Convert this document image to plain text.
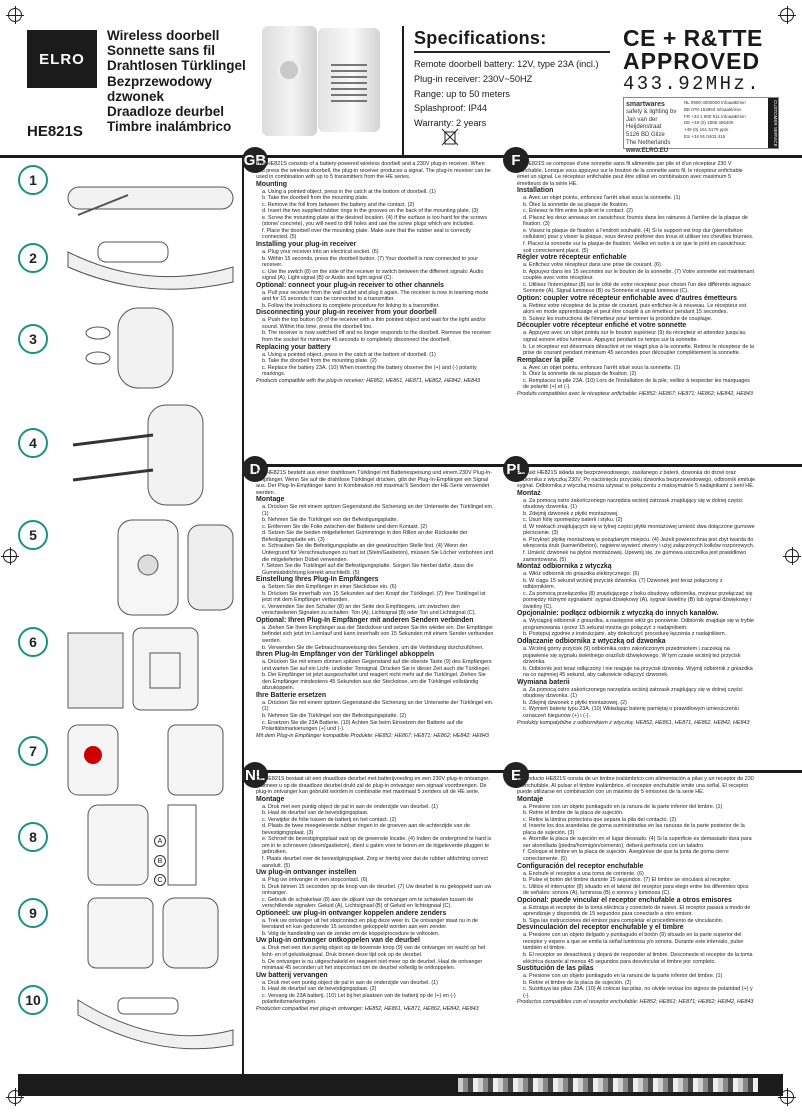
ELRO
Wireless doorbell
Sonnette sans fil
Drahtlosen Türklingel
Bezprzewodowy dzwonek
Draadloze deurbel
Timbre inalámbrico
HE821S
Specifications:
Remote doorbell battery: 12V, type 23A (incl.)
Plug-in receiver: 230V~50HZ
Range: up to 50 meters
Splashproof: IP44
Warranty: 2 years
CE + R&TTE
APPROVED
433.92MHz.
smartwares
safety & lighting bv
Jan van der Heijdenstraat
5126 BD Gilze
The Netherlands
www.ELRO.EU
NL 0900-4000000 Infoaal€/min
BE 078-153893 Infoaal€/min
FR +33 1 800 911 Infoaal€/min
DE +49 (0) 1805 455400
+49 (0) 161 5170 ppm
ES +34 91 0403 415	CUSTOMER SERVICE
GB	F
D	PL
NL	E
1
2
3
4
5
6
7
8
9
10
A
B
C

The HE821S consists of a battery-powered wireless doorbell and a 230V plug-in receiver. When you press the wireless doorbell, the plug-in receiver produces a signal. The plug-in receiver can be used in combination with up to 5 transmitters from the HE series.

Mounting

a. Using a pointed object, press in the catch at the bottom of doorbell. (1)

b. Take the doorbell from the mounting plate.

c. Remove the foil from between the battery and the contact. (2)

d. Insert the two supplied rubber rings in the grooves on the back of the mounting plate. (3)

e. Screw the mounting plate at the desired location. (4) If the surface is too hard for the screws (stone/ concrete), you will need to drill holes and use the screw plugs which are included.

f. Place the doorbell over the mounting plate. Make sure that the rubber seal is correctly connected. (5)

Installing your plug-in receiver

a. Plug your receiver into an electrical socket. (6)

b. Within 15 seconds, press the doorbell button. (7) Your doorbell is now connected to your receiver.

c. Use the switch (8) on the side of the receiver to switch between the different signals: Audio signal (A), Light signal (B) or Audio and light signal (C).

Optional: connect your plug-in receiver to other channels

a. Pull your receiver from the wall outlet and plug it again. The receiver is now in learning mode and for 15 seconds it can be connected to a transmitter.

b. Follow the instructions to complete procedure for linking to a transmitter.

Disconnecting your plug-in receiver from your doorbell

a. Push the top button (9) of the receiver with a thin pointed object and wait for the light and/or sound. Within this time, press the doorbell too.

b. The receiver is now switched off and no longer responds to the doorbell. Remove the receiver from the socket for minimum 45 seconds to completely disconnect the doorbell.

Replacing your battery

a. Using a pointed object, press in the catch at the bottom of doorbell. (1)

b. Take the doorbell from the mounting plate. (2)

c. Replace the battery 23A. (10) When inserting the battery observe the (+) and (-) polarity markings.

Products compatible with the plug-in receiver: HE852, HE861, HE871, HE862, HE842, HE843

Le HE821S se compose d'une sonnette sans fil alimentée par pile et d'un récepteur 230 V enfichable. Lorsque vous appuyez sur le bouton de la sonnette sans fil, le récepteur enfichable émet un signal. Le récepteur enfichable peut être utilisé en combinaison avec maximum 5 émetteurs de la série HE.

Installation

a. Avec un objet pointu, enfoncez l'arrêt situé sous la sonnette. (1)

b. Ôtez la sonnette de sa plaque de fixation.

c. Enlevez le film entre la pile et le contact. (2)

d. Placez les deux anneaux en caoutchouc fournis dans les rainures à l'arrière de la plaque de fixation. (3)

e. Vissez la plaque de fixation à l'endroit souhaité. (4) Si le support est trop dur (pierre/béton cellulaire) pour y visser la plaque, vous devrez préforer des trous et utiliser les chevilles fournies.

f. Placez la sonnette sur la plaque de fixation. Veillez en outre à ce que le joint en caoutchouc soit correctement placé. (5)

Régler votre récepteur enfichable

a. Enfichez votre récepteur dans une prise de courant. (6)

b. Appuyez dans les 15 secondes sur le bouton de la sonnette. (7) Votre sonnette est maintenant couplée avec votre récepteur.

c. Utilisez l'interrupteur (8) sur le côté de votre récepteur pour choisir l'un des différents signaux: Sonnerie (A), Signal lumineux (B) ou Sonnerie et signal lumineux (C).

Option: coupler votre récepteur enfichable avec d'autres émetteurs

a. Retirez votre récepteur de la prise de courant, puis enfichez-le à nouveau. Le récepteur est alors en mode apprentissage et peut être couplé à un émetteur pendant 15 secondes.

b. Suivez les instructions de l'émetteur pour terminer la procédure de couplage.

Découpler votre récepteur enfiché et votre sonnette

a. Appuyez avec un objet pointu sur le bouton supérieur (9) du récepteur et attendez jusqu'au signal sonore et/ou lumineux. Appuyez pendant ce temps sur la sonnette.

b. Le récepteur est désormais désactivé et ne réagit plus à la sonnette. Retirez le récepteur de la prise de courant pendant minimum 45 secondes pour découpler complètement la sonnette.

Remplacer la pile

a. Avec un objet pointu, enfoncez l'arrêt situé sous la sonnette. (1)

b. Ôtez la sonnette de sa plaque de fixation. (2)

c. Remplacez la pile 23A. (10) Lors de l'installation de la pile, veillez à respecter les marquages de polarité (+) et (-).

Produits compatibles avec le récepteur enfichable: HE852; HE867; HE871; HE862; HE842, HE843

Der HE821S besteht aus einer drahtlosen Türklingel mit Batteriespeisung und einem 230V Plug-In-Empfänger. Wenn Sie auf die drahtlose Türklingel drücken, gibt der Plug-In-Empfänger ein Signal aus. Der Plug-In-Empfänger kann in Kombination mit maximal 5 Sendern der HE-Serie verwendet werden.

Montage

a. Drücken Sie mit einem spitzen Gegenstand die Sicherung an der Unterseite der Türklingel ein. (1)

b. Nehmen Sie die Türklingel von der Befestigungsplatte.

c. Entfernen Sie die Folie zwischen der Batterie und dem Kontakt. (2)

d. Setzen Sie die beiden mitgelieferten Gummiringe in den Rillen an der Rückseite der Befestigungsplatte ein. (3)

e. Schrauben Sie die Befestigungsplatte an der gewünschten Stelle fest. (4) Wenn der Untergrund für Verschraubungen zu hart ist (Stein/Gasbeton), müssen Sie Löcher vorbohren und die mitgelieferten Dübel verwenden.

f. Setzen Sie die Türklingel auf die Befestigungsplatte. Sorgen Sie hierbei dafür, dass die Gummiabdichtung korrekt anschließt. (5)

Einstellung Ihres Plug-In Empfängers

a. Setzen Sie den Empfänger in einer Steckdose ein. (6)

b. Drücken Sie innerhalb von 15 Sekunden auf den Knopf der Türklingel. (7) Ihre Türklingel ist jetzt mit dem Empfänger verbunden.

c. Verwenden Sie den Schalter (8) an der Seite des Empfängers, um zwischen den verschiedenen Signalen zu schalten: Ton (A), Lichtsignal (B) oder Ton und Lichtsignal (C).

Optional: Ihren Plug-In Empfänger mit anderen Sendern verbinden

a. Ziehen Sie Ihren Empfänger aus der Steckdose und setzen Sie ihn wieder ein. Der Empfänger befindet sich jetzt im Lernlauf und kann innerhalb von 15 Sekunden mit einem Sender verbunden werden.

b. Verwenden Sie die Gebrauchsanweisung des Senders, um die Verbindung durchzuführen.

Ihren Plug-In Empfänger von der Türklingel abkoppeln

a. Drücken Sie mit einem dünnen spitzen Gegenstand auf die oberste Taste (9) des Empfängers und warten Sie auf ein Licht- und/oder Tonsignal. Drücken Sie in dieser Zeit auch die Türklingel.

b. Der Empfänger ist jetzt ausgeschaltet und reagiert nicht mehr auf die Türklingel. Ziehen Sie den Empfänger mindestens 45 Sekunden aus der Steckdose, um die Türklingel vollständig abzukoppeln.

Ihre Batterie ersetzen

a. Drücken Sie mit einem spitzen Gegenstand die Sicherung an der Unterseite der Türklingel ein. (1)

b. Nehmen Sie die Türklingel von der Befestigungsplatte. (2)

c. Ersetzen Sie die 23A Batterie. (10) Achten Sie beim Einsetzen der Batterie auf die Polaritätsmarkierungen (+) und (-).

Mit dem Plug-in Empfänger kompatible Produkte: HE852; HE867; HE871; HE862; HE842; HE843

Produkt HE821S składa się bezprzewodowego, zasilanego z baterii, dzwonka do drzwi oraz odbiornika z wtyczką 230V. Po naciśnięciu przycisku dzwonka bezprzewodowego, odbiornik emituje sygnał. Odbiornika z wtyczką można używać w połączeniu z maksymalnie 5 nadajnikami z serii HE.

Montaż

a. Za pomocą ostro zakończonego narzędzia wciśnij zatrzask znajdujący się w dolnej części obudowy dzwonka. (1)

b. Zdejmij dzwonek z płytki montażowej.

c. Usuń folię spomiędzy baterii i styku. (2)

d. W rowkach znajdujących się w tylnej części płytki montażowej umieść dwa dołączone gumowe pierścienie. (3)

e. Przykręć płytkę montażową w pożądanym miejscu. (4) Jeżeli powierzchnia jest zbyt twarda do wkręcenia śrub (kamień/beton), najpierw wywierć otwory i użyj załączonych kołków rozporowych.

f. Umieść dzwonek na płytce montażowej. Upewnij się, że gumowa uszczelka jest prawidłowo zamontowana. (5)

Montaż odbiornika z wtyczką

a. Włóż odbiornik do gniazdka elektrycznego. (6)

b. W ciągu 15 sekund wciśnij przycisk dzwonka. (7) Dzwonek jest teraz połączony z odbiornikiem.

c. Za pomocą przełącznika (8) znajdującego z boku obudowy odbiornika, możesz przełączać się pomiędzy różnymi sygnałami: sygnał dźwiękowy (A), sygnał świetlny (B) lub sygnał dźwiękowy i świetlny (C).

Opcjonalnie: podłącz odbiornik z wtyczką do innych kanałów.

a. Wyciągnij odbiornik z gniazdka, a następnie włóż go ponownie. Odbiornik znajduje się w trybie programowania i przez 15 sekund można go połączyć z nadajnikiem.

b. Postępuj zgodnie z instrukcjami, aby dokończyć procedurę łączenia z nadajnikiem.

Odłączanie odbiornika z wtyczką od dzwonka

a. Wciśnij górny przycisk (9) odbiornika ostro zakończonym przedmiotem i zaczekaj na pojawienie się sygnału świetlnego oraz/lub dźwiękowego. W tym czasie wciśnij też przycisk dzwonka.

b. Odbiornik jest teraz odłączony i nie reaguje na przycisk dzwonka. Wyjmij odbiornik z gniazdka na co najmniej 45 sekund, aby całkowicie odłączyć dzwonek.

Wymiana baterii

a. Za pomocą ostro zakończonego narzędzia wciśnij zatrzask znajdujący się w dolnej części obudowy dzwonka. (1)

b. Zdejmij dzwonek z płytki montażowej. (2)

c. Wymień baterię typu 23A. (10) Wkładając baterię pamiętaj o prawidłowym umieszczeniu oznaczeń biegunów (+) i (-).

Produkty kompatybilne z odbiornikiem z wtyczką: HE852, HE861, HE871, HE862, HE842, HE843

De HE821S bestaat uit een draadloze deurbel met batterijvoeding en een 230V plug-in ontvanger. Wanneer u op de draadloze deurbel drukt zal de plug-in ontvanger een signaal voortbrengen. De plug-in ontvanger kan gebruikt worden in combinatie met maximaal 5 zenders uit de HE serie.

Montage

a. Druk met een puntig object de pal in aan de onderzijde van deurbel. (1)

b. Haal de deurbel van de bevestigingsplaat.

c. Verwijder de folie tussen de batterij en het contact. (2)

d. Plaats de twee meegeleverde rubber ringen in de groeven aan de achterzijde van de bevestigingsplaat. (3)

e. Schroef de bevestigingsplaat vast op de gewenste locatie. (4) Indien de ondergrond te hard is om in te schroeven (steen/gasbeton), dient u gaten voor te boren en de bijgeleverde pluggen te gebruiken.

f. Plaats deurbel over de bevestigingsplaat. Zorg er hierbij voor dat de rubber afdichting correct aansluit. (5)

Uw plug-in ontvanger instellen

a. Plug uw ontvanger in een stopcontact. (6)

b. Druk binnen 15 seconden op de knop van de deurbel. (7) Uw deurbel is nu gekoppeld aan uw ontvanger.

c. Gebruik de schakelaar (8) aan de zijkant van de ontvanger om te schakelen tussen de verschillende signalen: Geluid (A), Lichtsignaal (B) of Geluid en lichtsignaal (C).

Optioneel: uw plug-in ontvanger koppelen andere zenders

a. Trek uw ontvanger uit het stopcontact en plug deze weer in. De ontvanger staat nu in de leerstand en kan gedurende 15 seconden gekoppeld worden aan een zender.

b. Volg de handleiding van de zender om de koppelprocedure te voltooien.

Uw plug-in ontvanger ontkoppelen van de deurbel

a. Druk met een dun puntig object op de bovenste knop (9) van de ontvanger en wacht op het licht- en of geluidssignaal. Druk binnen deze tijd ook op de deurbel.

b. De ontvanger is nu uitgeschakeld en reageert niet meer op de deurbel. Haal de ontvanger minimaal 45 seconden uit het stopcontact om de deurbel volledig te ontkoppelen.

Uw batterij vervangen

a. Druk met een puntig object de pal in aan de onderzijde van deurbel. (1)

b. Haal de deurbel van de bevestigingsplaat. (2)

c. Vervang de 23A batterij. (10) Let bij het plaatsen van de batterij op de (+) en (-) polariteitsmarkeringen.

Producten compatibel met plug-in ontvanger: HE852, HE861, HE871, HE862, HE842, HE843

El producto HE821S consta de un timbre inalámbrico con alimentación a pilas y un receptor de 230 V enchufable. Al pulsar el timbre inalámbrico, el receptor enchufable emite una señal. El receptor puede utilizarse en combinación con un máximo de 5 emisores de la serie HE.

Montaje

a. Presione con un objeto puntiagudo en la ranura de la parte inferior del timbre. (1)

b. Retire el timbre de la placa de sujeción.

c. Retire la lámina protectora que separa la pila del contacto. (2)

d. Inserte los dos arandelas de goma suministradas en las ranuras de la parte posterior de la placa de sujeción. (3)

e. Atornille la placa de sujeción en el lugar deseado. (4) Si la superficie es demasiado dura para ser atornillada (piedra/hormigón/cemento), deberá perforarla con un taladro.

f. Coloque el timbre en la placa de sujeción. Asegúrese de que la junta de goma cierre correctamente. (5)

Configuración del receptor enchufable

a. Enchufe el receptor a una toma de corriente. (6)

b. Pulse el botón del timbre durante 15 segundos. (7) El timbre se vinculará al receptor.

c. Utilice el interruptor (8) situado en el lateral del receptor para elegir entre los diferentes tipos de señales: sonora (A), luminosa (B) o sonora y luminosa (C).

Opcional: puede vincular el receptor enchufable a otros emisores

a. Extraiga el receptor de la toma eléctrica y conéctelo de nuevo. El receptor pasará a modo de aprendizaje y dispondrá de 15 segundos para conectarlo a otro emisor.

b. Siga las instrucciones del emisor para completar el procedimiento de vinculación.

Desvinculación del receptor enchufable y el timbre

a. Presione con un objeto delgado y puntiagudo el botón (9) situado en la parte superior del receptor y espere a que se emita la señal luminosa y/o sonora. Durante este intervalo, pulse también el timbre.

b. El receptor se desactivará y dejará de responder al timbre. Desconecte el receptor de la toma eléctrica durante al menos 45 segundos para desvincular el timbre por completo.

Sustitución de las pilas

a. Presione con un objeto puntiagudo en la ranura de la parte inferior del timbre. (1)

b. Retire el timbre de la placa de sujeción. (2)

c. Sustituya las pilas 23A. (10) Al colocar las pilas, no olvide revisar los signos de polaridad (+) y (-).

Productos compatibles con el receptor enchufable: HE852; HE861; HE871; HE862; HE842, HE843
